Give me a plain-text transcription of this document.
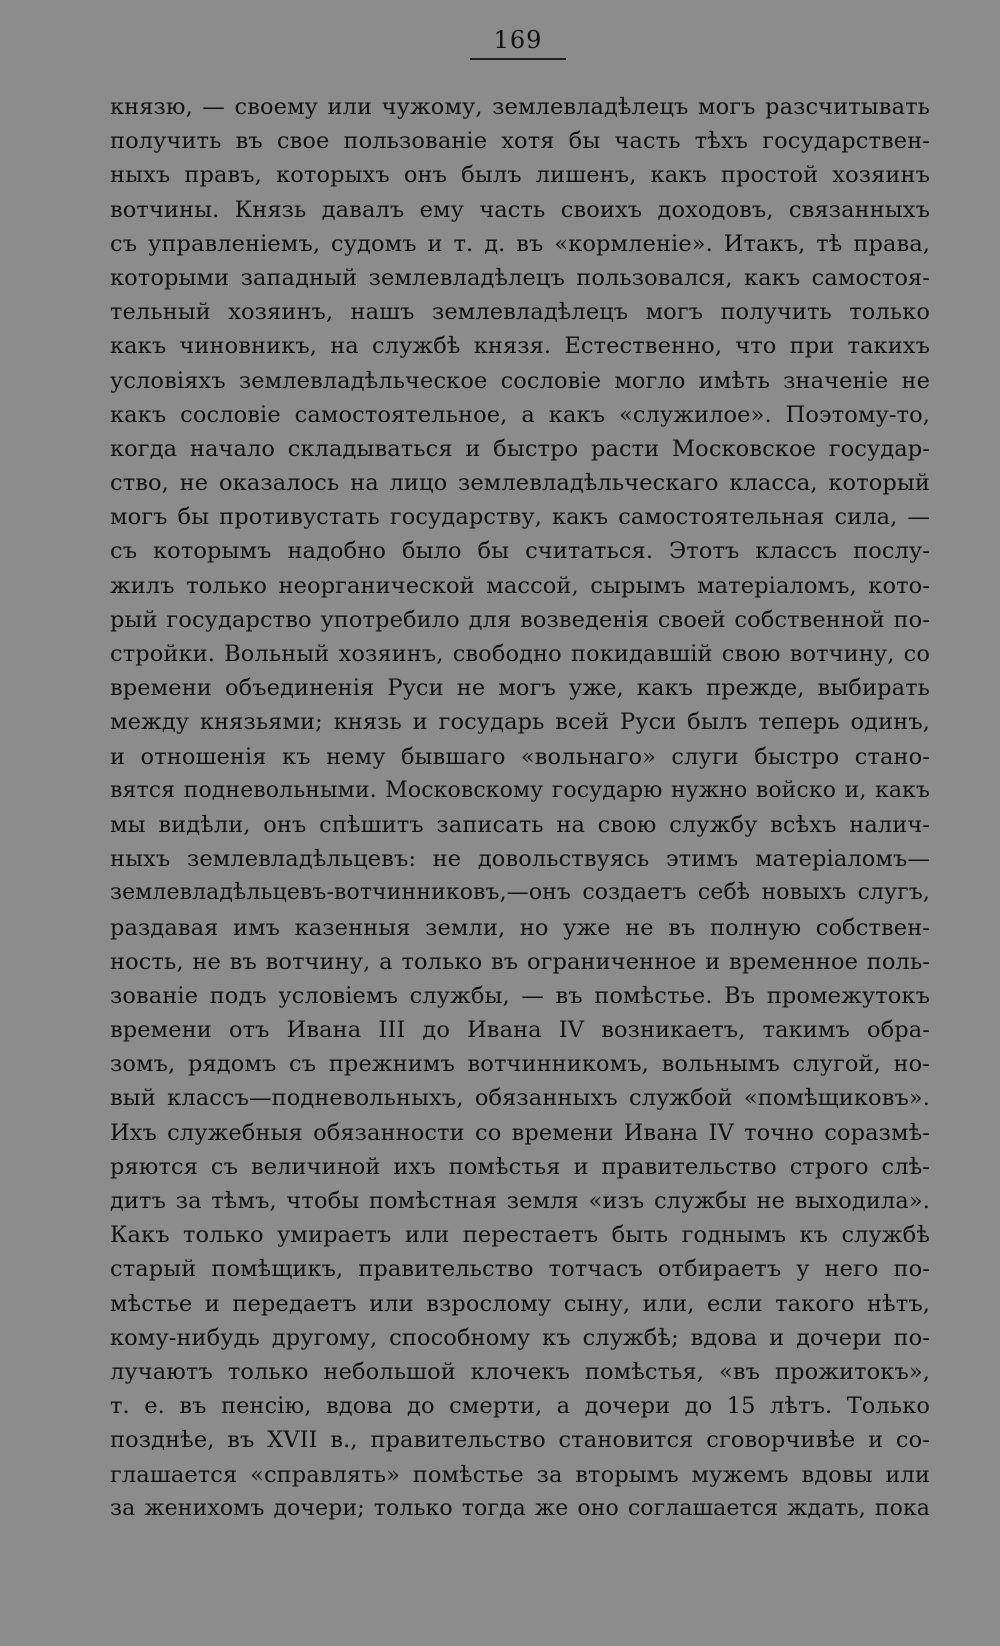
169
князю, — своему или чужому, землевладѣлецъ могъ разсчитывать
получить въ свое пользованіе хотя бы часть тѣхъ государствен-
ныхъ правъ, которыхъ онъ былъ лишенъ, какъ простой хозяинъ
вотчины. Князь давалъ ему часть своихъ доходовъ, связанныхъ
съ управленіемъ, судомъ и т. д. въ «кормленіе». Итакъ, тѣ права,
которыми западный землевладѣлецъ пользовался, какъ самостоя-
тельный хозяинъ, нашъ землевладѣлецъ могъ получить только
какъ чиновникъ, на службѣ князя. Естественно, что при такихъ
условіяхъ землевладѣльческое сословіе могло имѣть значеніе не
какъ сословіе самостоятельное, а какъ «служилое». Поэтому-то,
когда начало складываться и быстро расти Московское государ-
ство, не оказалось на лицо землевладѣльческаго класса, который
могъ бы противустать государству, какъ самостоятельная сила, —
съ которымъ надобно было бы считаться. Этотъ классъ послу-
жилъ только неорганической массой, сырымъ матеріаломъ, кото-
рый государство употребило для возведенія своей собственной по-
стройки. Вольный хозяинъ, свободно покидавшій свою вотчину, со
времени объединенія Руси не могъ уже, какъ прежде, выбирать
между князьями; князь и государь всей Руси былъ теперь одинъ,
и отношенія къ нему бывшаго «вольнаго» слуги быстро стано-
вятся подневольными. Московскому государю нужно войско и, какъ
мы видѣли, онъ спѣшитъ записать на свою службу всѣхъ налич-
ныхъ землевладѣльцевъ: не довольствуясь этимъ матеріаломъ—
землевладѣльцевъ-вотчинниковъ,—онъ создаетъ себѣ новыхъ слугъ,
раздавая имъ казенныя земли, но уже не въ полную собствен-
ность, не въ вотчину, а только въ ограниченное и временное поль-
зованіе подъ условіемъ службы, — въ помѣстье. Въ промежутокъ
времени отъ Ивана III до Ивана IV возникаетъ, такимъ обра-
зомъ, рядомъ съ прежнимъ вотчинникомъ, вольнымъ слугой, но-
вый классъ—подневольныхъ, обязанныхъ службой «помѣщиковъ».
Ихъ служебныя обязанности со времени Ивана IV точно соразмѣ-
ряются съ величиной ихъ помѣстья и правительство строго слѣ-
дитъ за тѣмъ, чтобы помѣстная земля «изъ службы не выходила».
Какъ только умираетъ или перестаетъ быть годнымъ къ службѣ
старый помѣщикъ, правительство тотчасъ отбираетъ у него по-
мѣстье и передаетъ или взрослому сыну, или, если такого нѣтъ,
кому-нибудь другому, способному къ службѣ; вдова и дочери по-
лучаютъ только небольшой клочекъ помѣстья, «въ прожитокъ»,
т. е. въ пенсію, вдова до смерти, а дочери до 15 лѣтъ. Только
позднѣе, въ XVII в., правительство становится сговорчивѣе и со-
глашается «справлять» помѣстье за вторымъ мужемъ вдовы или
за женихомъ дочери; только тогда же оно соглашается ждать, пока
